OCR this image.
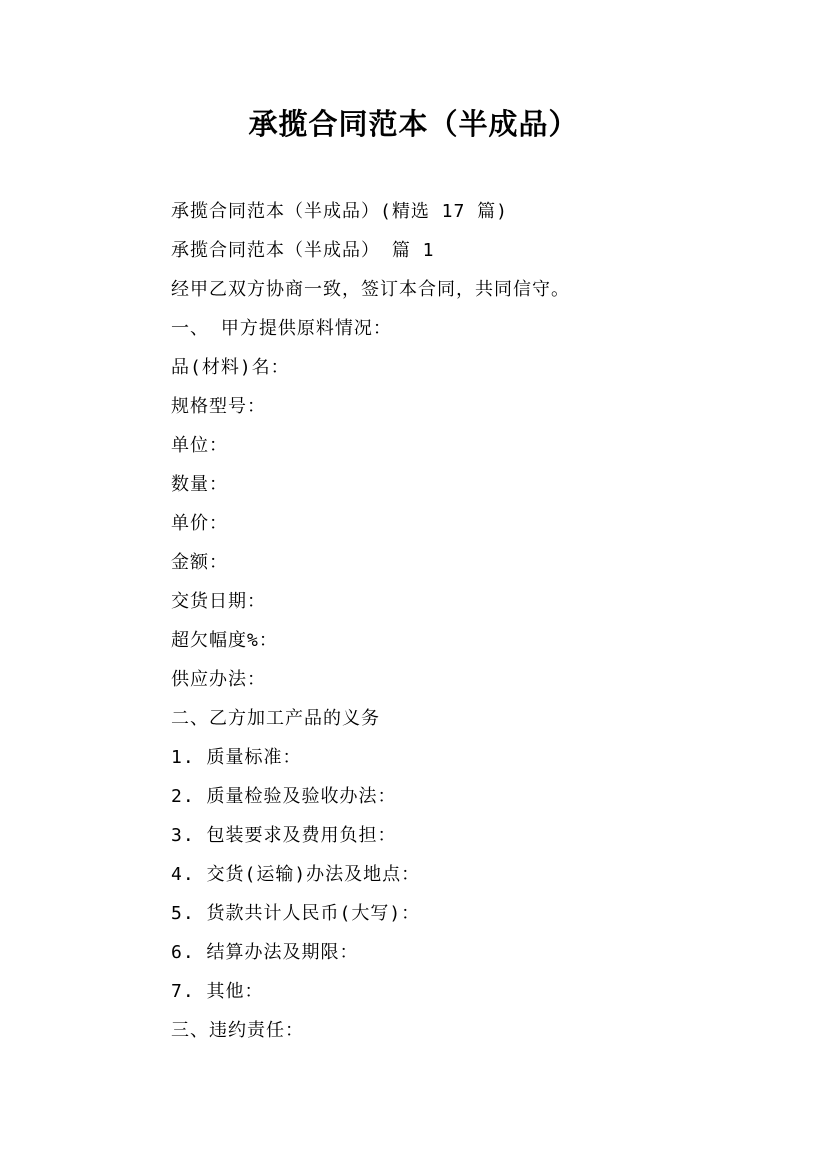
承揽合同范本（半成品）
承揽合同范本（半成品）(精选 17 篇)
承揽合同范本（半成品） 篇 1
经甲乙双方协商一致，签订本合同，共同信守。
一、 甲方提供原料情况：
品(材料)名：
规格型号：
单位：
数量：
单价：
金额：
交货日期：
超欠幅度%：
供应办法：
二、乙方加工产品的义务
1. 质量标准：
2. 质量检验及验收办法：
3. 包装要求及费用负担：
4. 交货(运输)办法及地点：
5. 货款共计人民币(大写)：
6. 结算办法及期限：
7. 其他：
三、违约责任：
